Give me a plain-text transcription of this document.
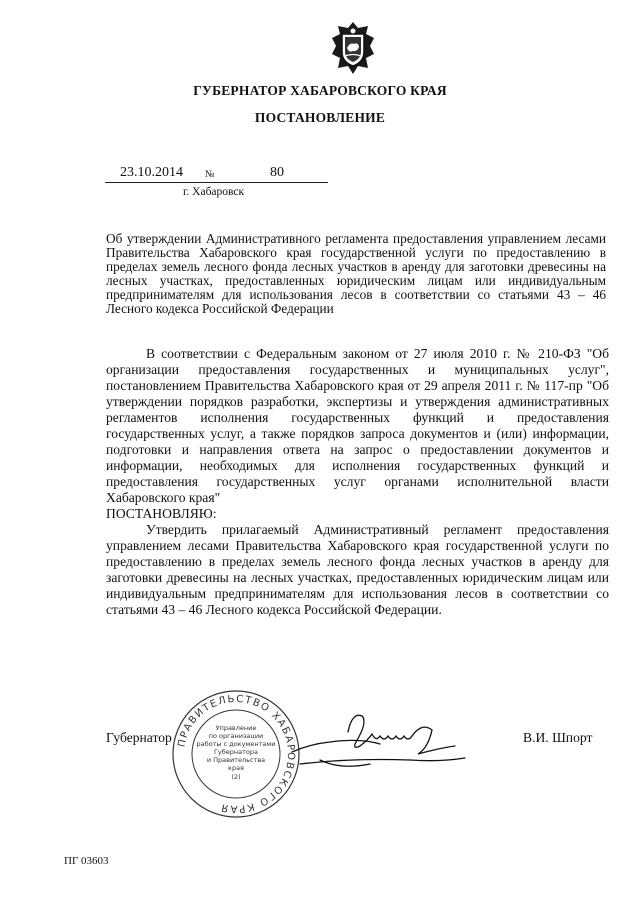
ГУБЕРНАТОР ХАБАРОВСКОГО КРАЯ
ПОСТАНОВЛЕНИЕ
23.10.2014 №	80
г. Хабаровск
Об утверждении Административного регламента предоставления управлением лесами Правительства Хабаровского края государственной услуги по предоставлению в пределах земель лесного фонда лесных участков в аренду для заготовки древесины на лесных участках, предоставленных юридическим лицам или индивидуальным предпринимателям для использования лесов в соответствии со статьями 43 – 46 Лесного кодекса Российской Федерации

В соответствии с Федеральным законом от 27 июля 2010 г. № 210-ФЗ "Об организации предоставления государственных и муниципальных услуг", постановлением Правительства Хабаровского края от 29 апреля 2011 г. № 117-пр "Об утверждении порядков разработки, экспертизы и утверждения административных регламентов исполнения государственных функций и предоставления государственных услуг, а также порядков запроса документов и (или) информации, подготовки и направления ответа на запрос о предоставлении документов и информации, необходимых для исполнения государственных функций и предоставления государственных услуг органами исполнительной власти Хабаровского края"

ПОСТАНОВЛЯЮ:

Утвердить прилагаемый Административный регламент предоставления управлением лесами Правительства Хабаровского края государственной услуги по предоставлению в пределах земель лесного фонда лесных участков в аренду для заготовки древесины на лесных участках, предоставленных юридическим лицам или индивидуальным предпринимателям для использования лесов в соответствии со статьями 43 – 46 Лесного кодекса Российской Федерации.

Губернатор	В.И. Шпорт
ПРАВИТЕЛЬСТВО ХАБАРОВСКОГО КРАЯ
Управление
по организации
работы с документами
Губернатора
и Правительства
края
(2)
ПГ 03603
